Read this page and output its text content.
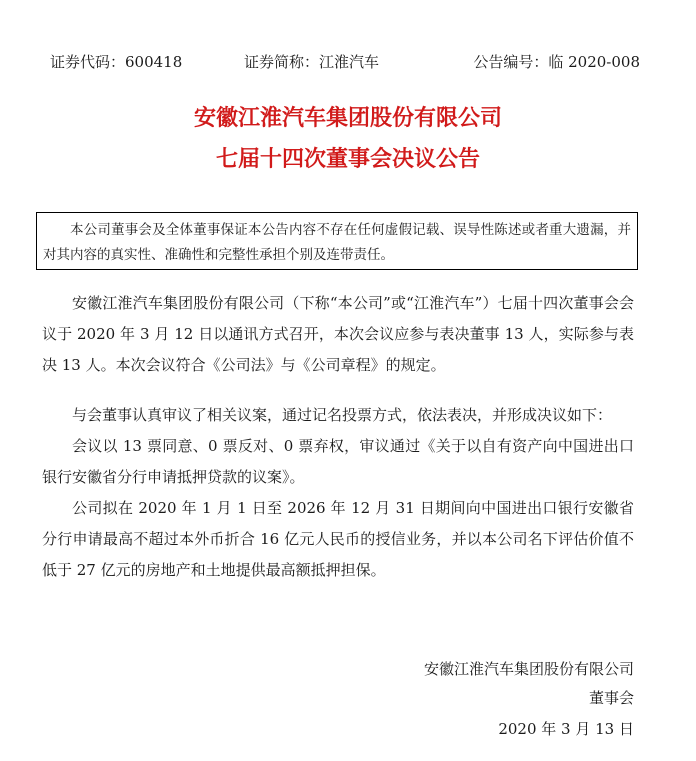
证券代码：600418	证券简称：江淮汽车	公告编号：临 2020-008
安徽江淮汽车集团股份有限公司
七届十四次董事会决议公告

本公司董事会及全体董事保证本公告内容不存在任何虚假记载、误导性陈述或者重大遗漏，并对其内容的真实性、准确性和完整性承担个别及连带责任。

安徽江淮汽车集团股份有限公司（下称“本公司”或“江淮汽车”）七届十四次董事会会议于 2020 年 3 月 12 日以通讯方式召开，本次会议应参与表决董事 13 人，实际参与表决 13 人。本次会议符合《公司法》与《公司章程》的规定。

与会董事认真审议了相关议案，通过记名投票方式，依法表决，并形成决议如下：

会议以 13 票同意、0 票反对、0 票弃权，审议通过《关于以自有资产向中国进出口银行安徽省分行申请抵押贷款的议案》。

公司拟在 2020 年 1 月 1 日至 2026 年 12 月 31 日期间向中国进出口银行安徽省分行申请最高不超过本外币折合 16 亿元人民币的授信业务，并以本公司名下评估价值不低于 27 亿元的房地产和土地提供最高额抵押担保。

安徽江淮汽车集团股份有限公司
董事会
2020 年 3 月 13 日
